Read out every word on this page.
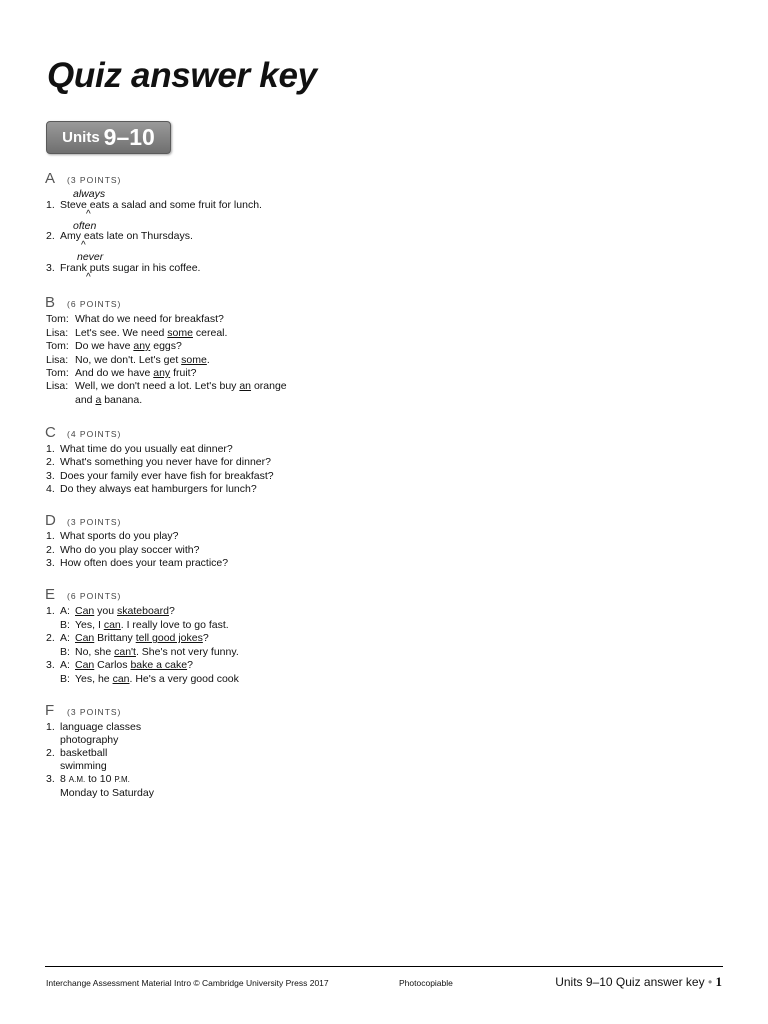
Quiz answer key
Units 9–10
A	(3 POINTS)
always
1. Steve eats a salad and some fruit for lunch.
^
often
2. Amy eats late on Thursdays.
^
never
3. Frank puts sugar in his coffee.
^
B	(6 POINTS)
Tom: What do we need for breakfast?
Lisa: Let's see. We need some cereal.
Tom: Do we have any eggs?
Lisa: No, we don't. Let's get some.
Tom: And do we have any fruit?
Lisa: Well, we don't need a lot. Let's buy an orange
and a banana.
C	(4 POINTS)
1. What time do you usually eat dinner?
2. What's something you never have for dinner?
3. Does your family ever have fish for breakfast?
4. Do they always eat hamburgers for lunch?
D	(3 POINTS)
1. What sports do you play?
2. Who do you play soccer with?
3. How often does your team practice?
E	(6 POINTS)
1. A: Can you skateboard?
B: Yes, I can. I really love to go fast.
2. A: Can Brittany tell good jokes?
B: No, she can't. She's not very funny.
3. A: Can Carlos bake a cake?
B: Yes, he can. He's a very good cook
F	(3 POINTS)
1. language classes
photography
2. basketball
swimming
3. 8 A.M. to 10 P.M.
Monday to Saturday
Interchange Assessment Material Intro © Cambridge University Press 2017	Photocopiable	Units 9–10 Quiz answer key • 1
